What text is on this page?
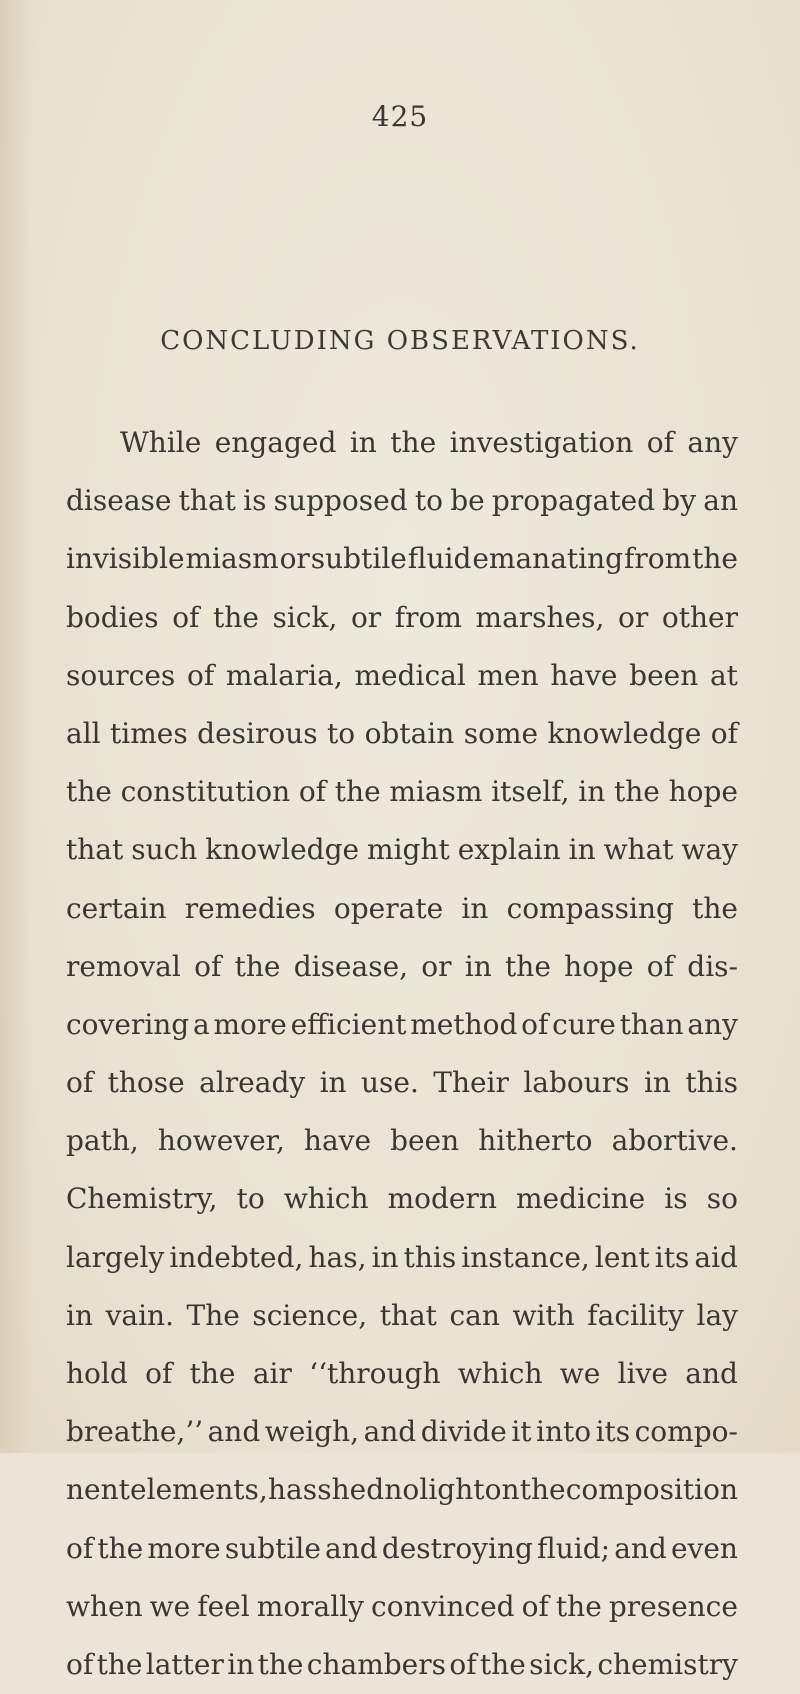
425
CONCLUDING OBSERVATIONS.
While engaged in the investigation of any
disease that is supposed to be propagated by an
invisible miasm or subtile fluid emanating from the
bodies of the sick, or from marshes, or other
sources of malaria, medical men have been at
all times desirous to obtain some knowledge of
the constitution of the miasm itself, in the hope
that such knowledge might explain in what way
certain remedies operate in compassing the
removal of the disease, or in the hope of dis-
covering a more efficient method of cure than any
of those already in use. Their labours in this
path, however, have been hitherto abortive.
Chemistry, to which modern medicine is so
largely indebted, has, in this instance, lent its aid
in vain. The science, that can with facility lay
hold of the air ‘‘through which we live and
breathe,’’ and weigh, and divide it into its compo-
nent elements, has shed no light on the composition
of the more subtile and destroying fluid; and even
when we feel morally convinced of the presence
of the latter in the chambers of the sick, chemistry
